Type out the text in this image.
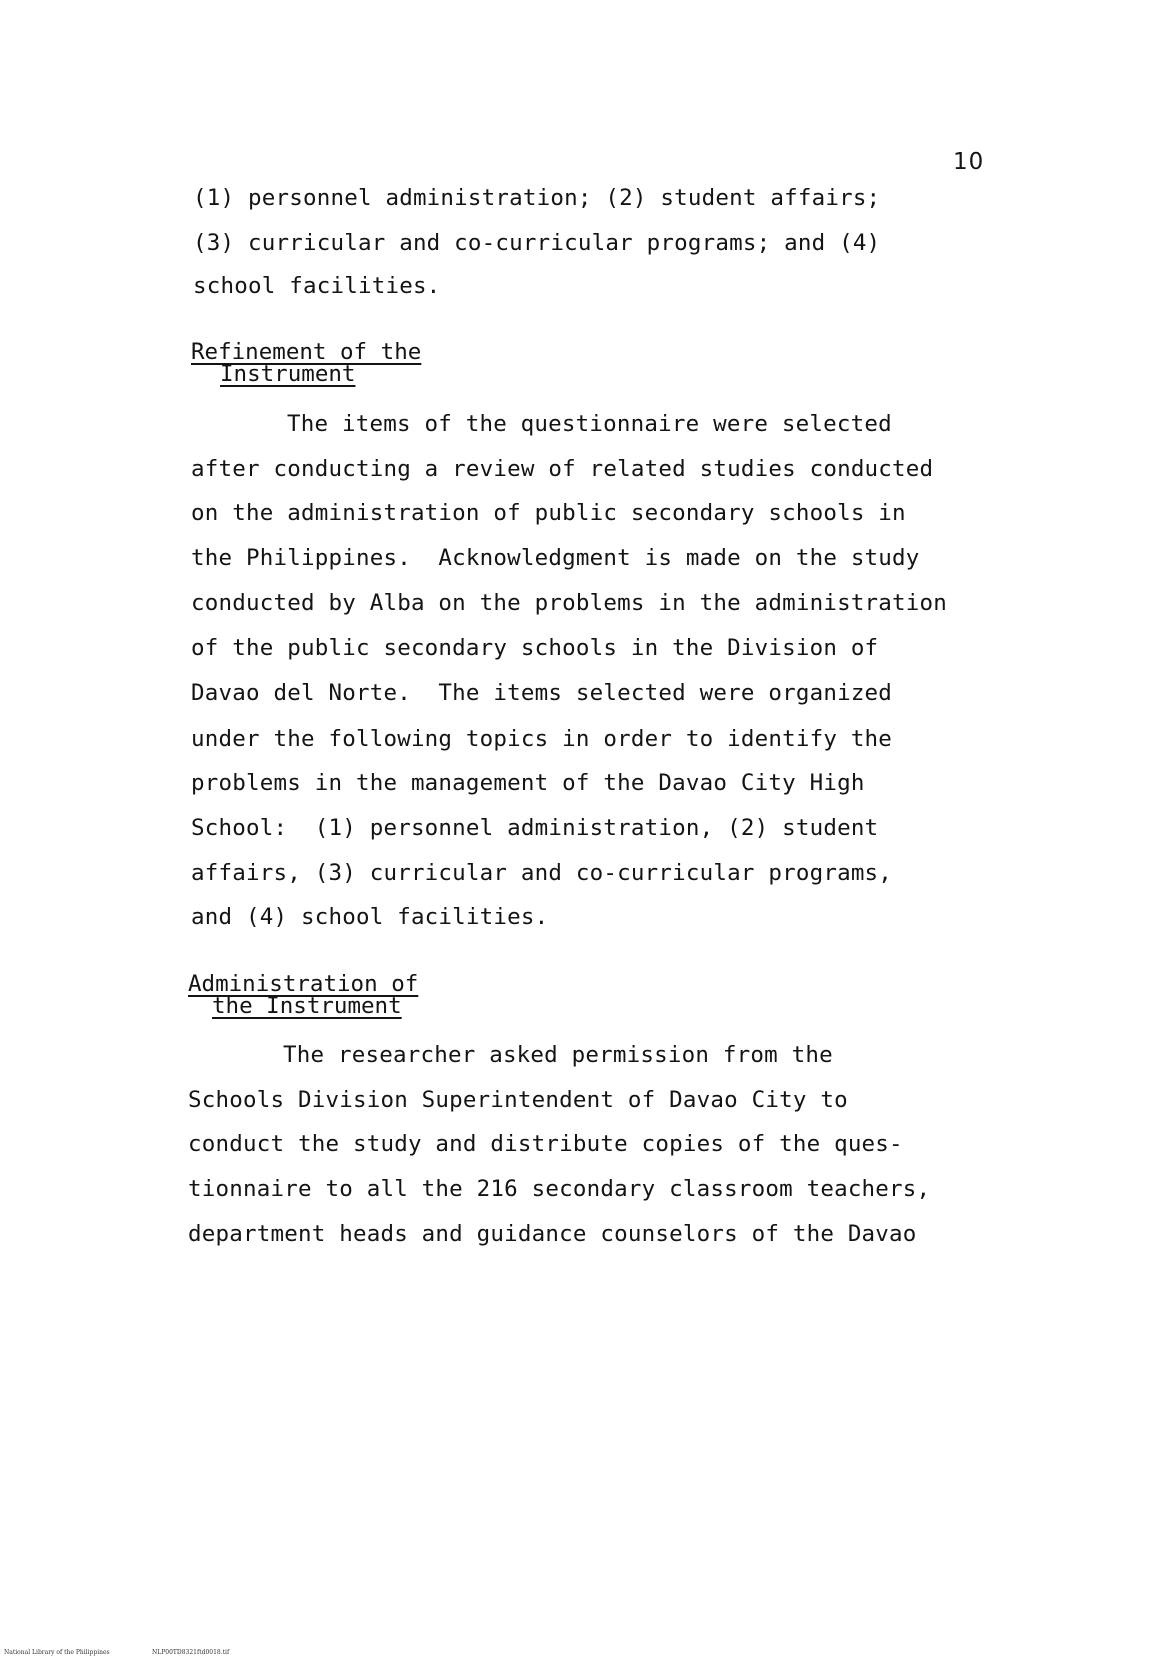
10
(1) personnel administration; (2) student affairs;
(3) curricular and co-curricular programs; and (4)
school facilities.
Refinement of the
Instrument
The items of the questionnaire were selected
after conducting a review of related studies conducted
on the administration of public secondary schools in
the Philippines.  Acknowledgment is made on the study
conducted by Alba on the problems in the administration
of the public secondary schools in the Division of
Davao del Norte.  The items selected were organized
under the following topics in order to identify the
problems in the management of the Davao City High
School:  (1) personnel administration, (2) student
affairs, (3) curricular and co-curricular programs,
and (4) school facilities.
Administration of
the Instrument
The researcher asked permission from the
Schools Division Superintendent of Davao City to
conduct the study and distribute copies of the ques-
tionnaire to all the 216 secondary classroom teachers,
department heads and guidance counselors of the Davao
National Library of the Philippines	NLP00TD8321ftd0018.tif
